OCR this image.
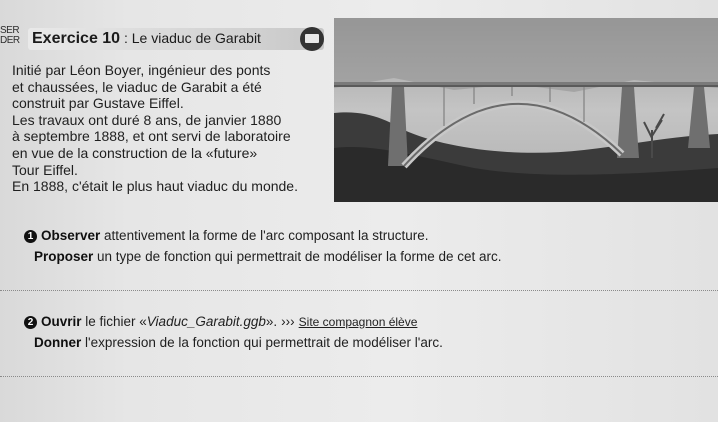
SER
DER Exercice 10 : Le viaduc de Garabit

Initié par Léon Boyer, ingénieur des ponts

et chaussées, le viaduc de Garabit a été

construit par Gustave Eiffel.

Les travaux ont duré 8 ans, de janvier 1880

à septembre 1888, et ont servi de laboratoire

en vue de la construction de la «future»

Tour Eiffel.

En 1888, c'était le plus haut viaduc du monde.

1 Observer attentivement la forme de l'arc composant la structure.
Proposer un type de fonction qui permettrait de modéliser la forme de cet arc.
2 Ouvrir le fichier «Viaduc_Garabit.ggb». ››› Site compagnon élève
Donner l'expression de la fonction qui permettrait de modéliser l'arc.
